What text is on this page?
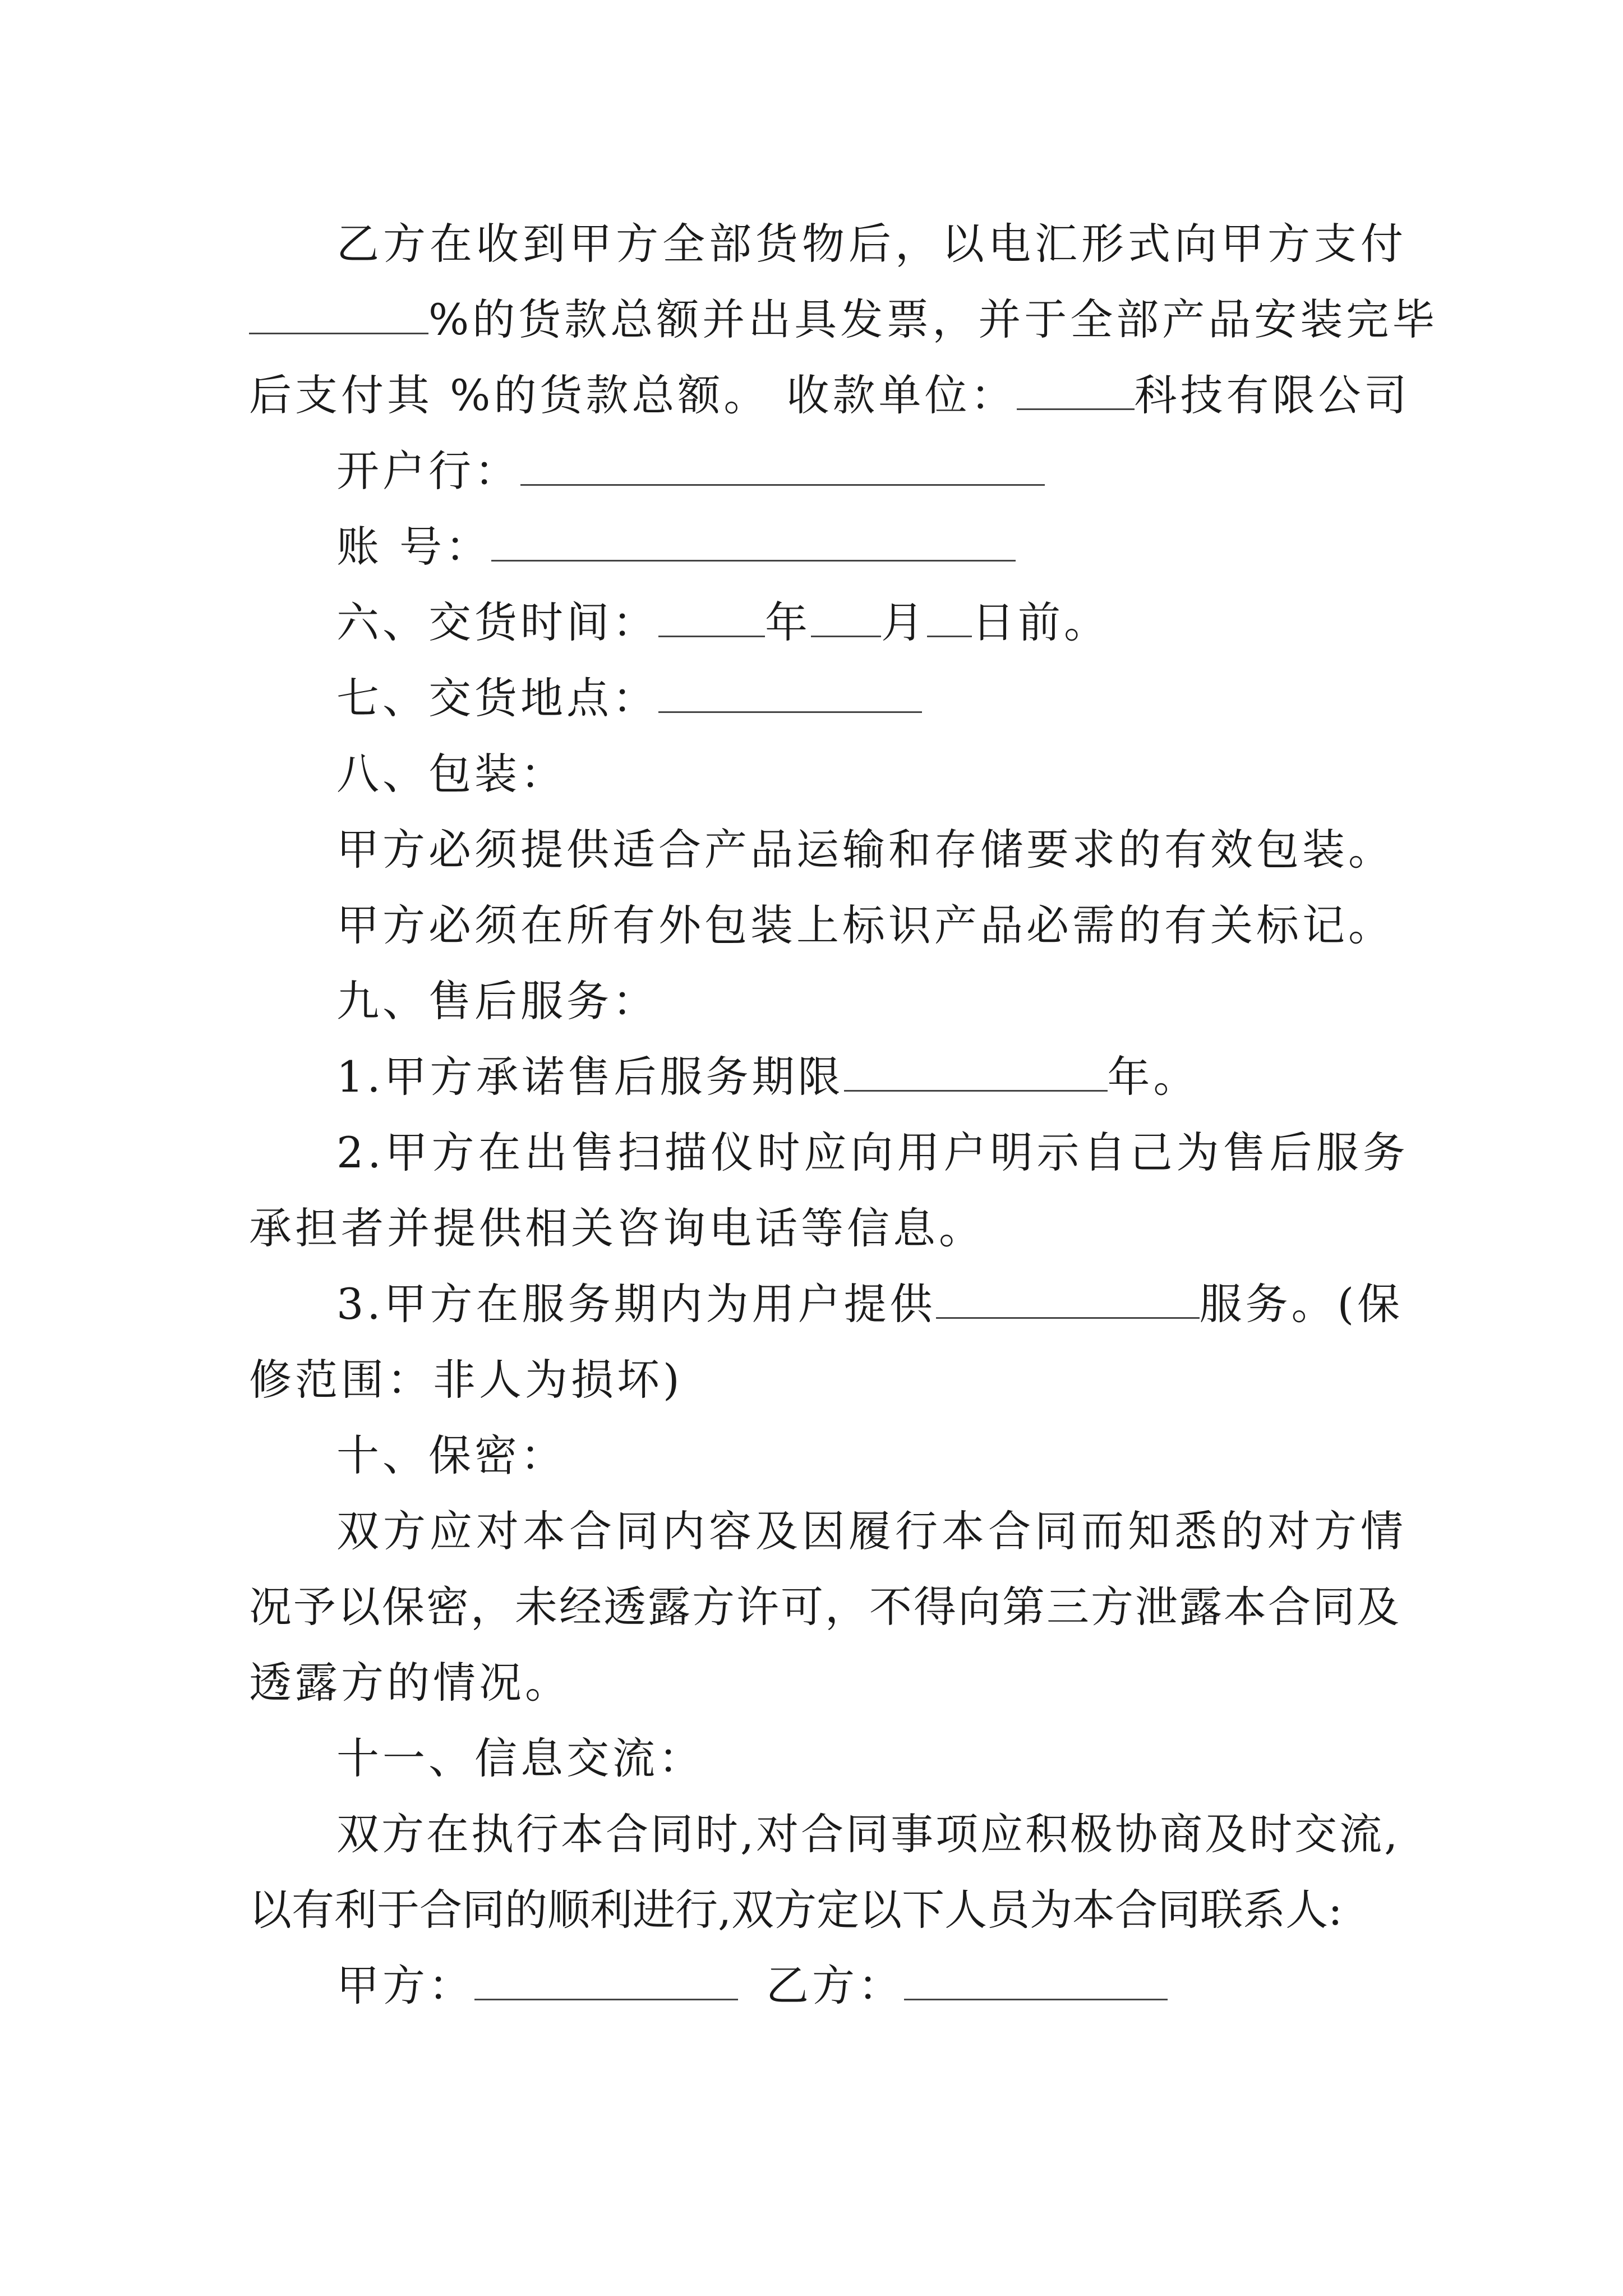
乙方在收到甲方全部货物后，以电汇形式向甲方支付
%的货款总额并出具发票，并于全部产品安装完毕
后支付其 %的货款总额。 收款单位：	科技有限公司
开户行：
账 号：
六、交货时间：	年 月 日前。
七、交货地点：
八、包装：
甲方必须提供适合产品运输和存储要求的有效包装。
甲方必须在所有外包装上标识产品必需的有关标记。
九、售后服务：
1.甲方承诺售后服务期限	年。
2.甲方在出售扫描仪时应向用户明示自己为售后服务
承担者并提供相关咨询电话等信息。
3.甲方在服务期内为用户提供	服务。(保
修范围：非人为损坏)
十、保密：
双方应对本合同内容及因履行本合同而知悉的对方情
况予以保密，未经透露方许可，不得向第三方泄露本合同及
透露方的情况。
十一、信息交流：
双方在执行本合同时,对合同事项应积极协商及时交流,
以有利于合同的顺利进行,双方定以下人员为本合同联系人:
甲方：	乙方：
